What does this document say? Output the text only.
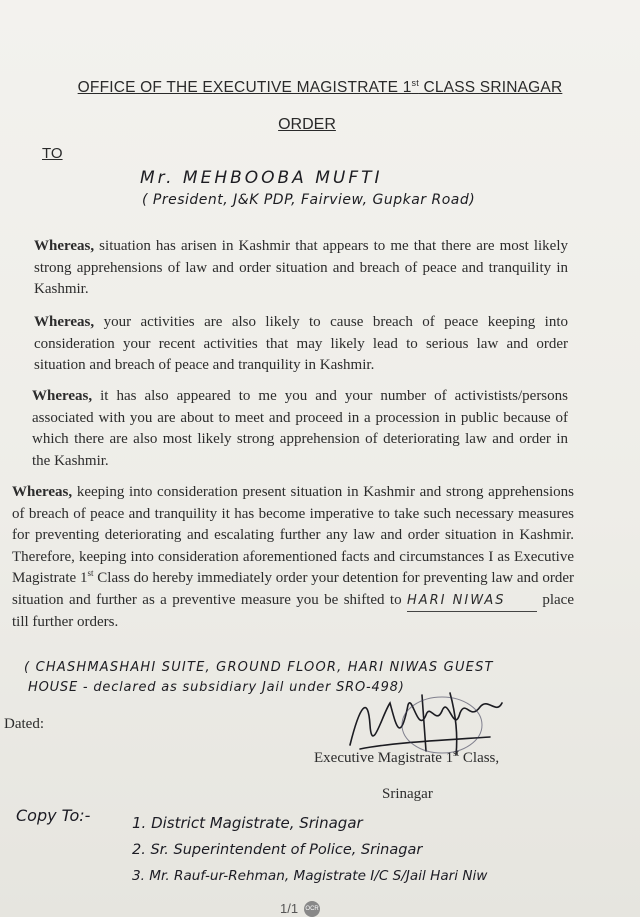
OFFICE OF THE EXECUTIVE MAGISTRATE 1st CLASS SRINAGAR
ORDER
TO
Mr. MEHBOOBA MUFTI
( President, J&K PDP, Fairview, Gupkar Road)
Whereas, situation has arisen in Kashmir that appears to me that there are most likely strong apprehensions of law and order situation and breach of peace and tranquility in Kashmir.
Whereas, your activities are also likely to cause breach of peace keeping into consideration your recent activities that may likely lead to serious law and order situation and breach of peace and tranquility in Kashmir.
Whereas, it has also appeared to me you and your number of activistists/persons associated with you are about to meet and proceed in a procession in public because of which there are also most likely strong apprehension of deteriorating law and order in the Kashmir.
Whereas, keeping into consideration present situation in Kashmir and strong apprehensions of breach of peace and tranquility it has become imperative to take such necessary measures for preventing deteriorating and escalating further any law and order situation in Kashmir. Therefore, keeping into consideration aforementioned facts and circumstances I as Executive Magistrate 1st Class do hereby immediately order your detention for preventing law and order situation and further as a preventive measure you be shifted to HARI NIWAS place till further orders.
( CHASHMASHAHI SUITE, GROUND FLOOR, HARI NIWAS GUEST
HOUSE - declared as subsidiary Jail under SRO-498)
Dated:
Executive Magistrate 1st Class,
Srinagar
Copy To:-	1. District Magistrate, Srinagar
2. Sr. Superintendent of Police, Srinagar
3. Mr. Rauf-ur-Rehman, Magistrate I/C S/Jail Hari Niw
1/1 OCR
